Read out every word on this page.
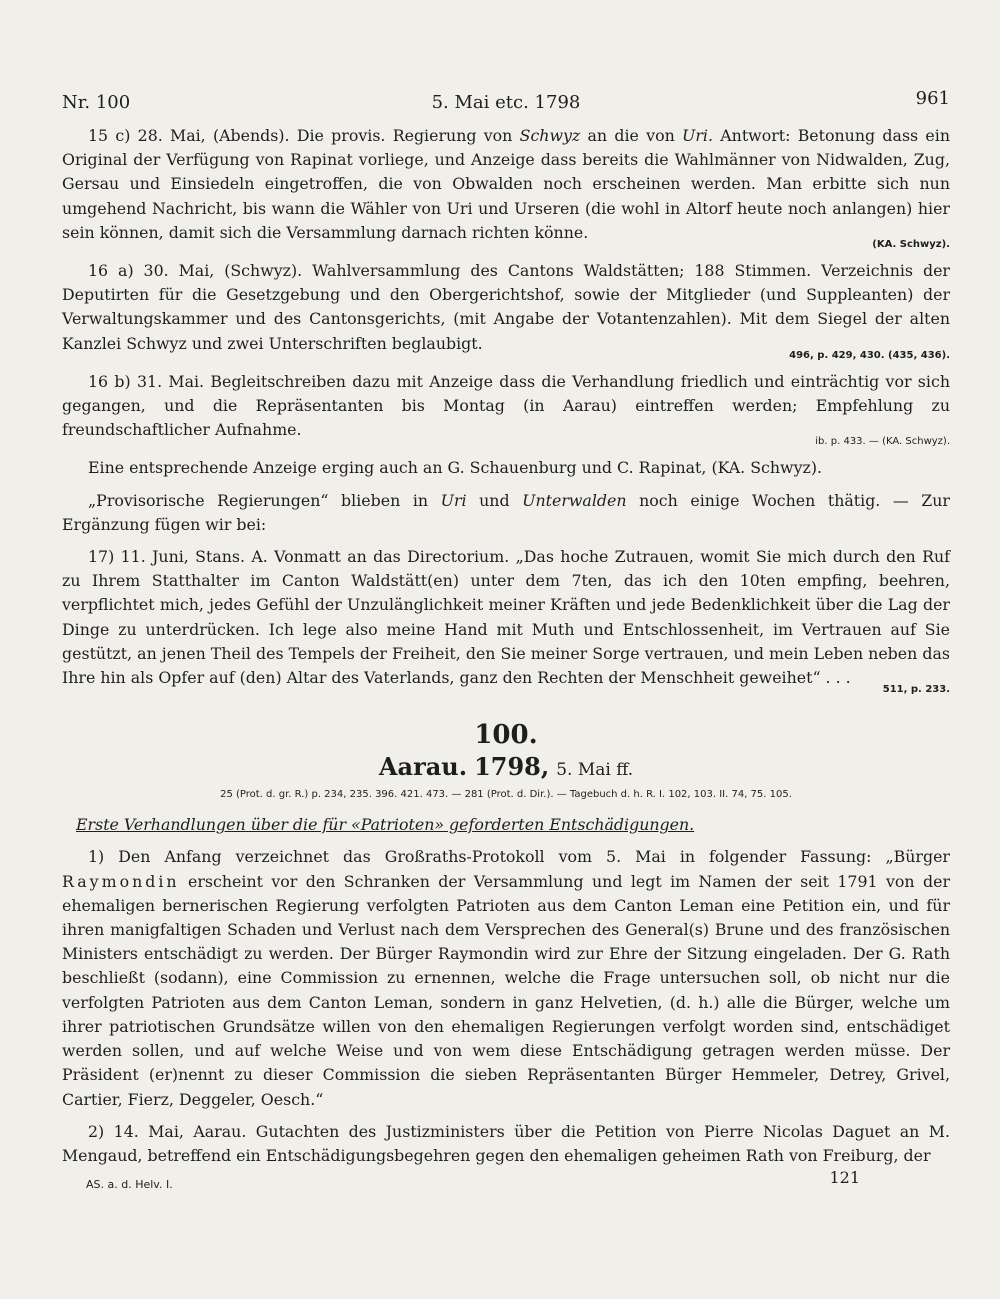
Nr. 100	5. Mai etc. 1798	961

15 c) 28. Mai, (Abends). Die provis. Regierung von Schwyz an die von Uri. Antwort: Betonung dass ein Original der Verfügung von Rapinat vorliege, und Anzeige dass bereits die Wahlmänner von Nidwalden, Zug, Gersau und Einsiedeln eingetroffen, die von Obwalden noch erscheinen werden. Man erbitte sich nun umgehend Nachricht, bis wann die Wähler von Uri und Urseren (die wohl in Altorf heute noch anlangen) hier sein können, damit sich die Versammlung darnach richten könne.

(KA. Schwyz).

16 a) 30. Mai, (Schwyz). Wahlversammlung des Cantons Waldstätten; 188 Stimmen. Verzeichnis der Deputirten für die Gesetzgebung und den Obergerichtshof, sowie der Mitglieder (und Suppleanten) der Verwaltungskammer und des Cantonsgerichts, (mit Angabe der Votantenzahlen). Mit dem Siegel der alten Kanzlei Schwyz und zwei Unterschriften beglaubigt.

496, p. 429, 430. (435, 436).

16 b) 31. Mai. Begleitschreiben dazu mit Anzeige dass die Verhandlung friedlich und einträchtig vor sich gegangen, und die Repräsentanten bis Montag (in Aarau) eintreffen werden; Empfehlung zu freundschaftlicher Aufnahme.

ib. p. 433. — (KA. Schwyz).

Eine entsprechende Anzeige erging auch an G. Schauenburg und C. Rapinat, (KA. Schwyz).

„Provisorische Regierungen“ blieben in Uri und Unterwalden noch einige Wochen thätig. — Zur Ergänzung fügen wir bei:

17) 11. Juni, Stans. A. Vonmatt an das Directorium. „Das hoche Zutrauen, womit Sie mich durch den Ruf zu Ihrem Statthalter im Canton Waldstätt(en) unter dem 7ten, das ich den 10ten empfing, beehren, verpflichtet mich, jedes Gefühl der Unzulänglichkeit meiner Kräften und jede Bedenklichkeit über die Lag der Dinge zu unterdrücken. Ich lege also meine Hand mit Muth und Entschlossenheit, im Vertrauen auf Sie gestützt, an jenen Theil des Tempels der Freiheit, den Sie meiner Sorge vertrauen, und mein Leben neben das Ihre hin als Opfer auf (den) Altar des Vaterlands, ganz den Rechten der Menschheit geweihet“ . . .

511, p. 233.

100.

Aarau. 1798, 5. Mai ff.

25 (Prot. d. gr. R.) p. 234, 235. 396. 421. 473. — 281 (Prot. d. Dir.). — Tagebuch d. h. R. I. 102, 103. II. 74, 75. 105.

Erste Verhandlungen über die für «Patrioten» geforderten Entschädigungen.

1) Den Anfang verzeichnet das Großraths-Protokoll vom 5. Mai in folgender Fassung: „Bürger Raymondin erscheint vor den Schranken der Versammlung und legt im Namen der seit 1791 von der ehemaligen bernerischen Regierung verfolgten Patrioten aus dem Canton Leman eine Petition ein, und für ihren manigfaltigen Schaden und Verlust nach dem Versprechen des General(s) Brune und des französischen Ministers entschädigt zu werden. Der Bürger Raymondin wird zur Ehre der Sitzung eingeladen. Der G. Rath beschließt (sodann), eine Commission zu ernennen, welche die Frage untersuchen soll, ob nicht nur die verfolgten Patrioten aus dem Canton Leman, sondern in ganz Helvetien, (d. h.) alle die Bürger, welche um ihrer patriotischen Grundsätze willen von den ehemaligen Regierungen verfolgt worden sind, entschädiget werden sollen, und auf welche Weise und von wem diese Entschädigung getragen werden müsse. Der Präsident (er)nennt zu dieser Commission die sieben Repräsentanten Bürger Hemmeler, Detrey, Grivel, Cartier, Fierz, Deggeler, Oesch.“

2) 14. Mai, Aarau. Gutachten des Justizministers über die Petition von Pierre Nicolas Daguet an M. Mengaud, betreffend ein Entschädigungsbegehren gegen den ehemaligen geheimen Rath von Freiburg, der

AS. a. d. Helv. I.	121
